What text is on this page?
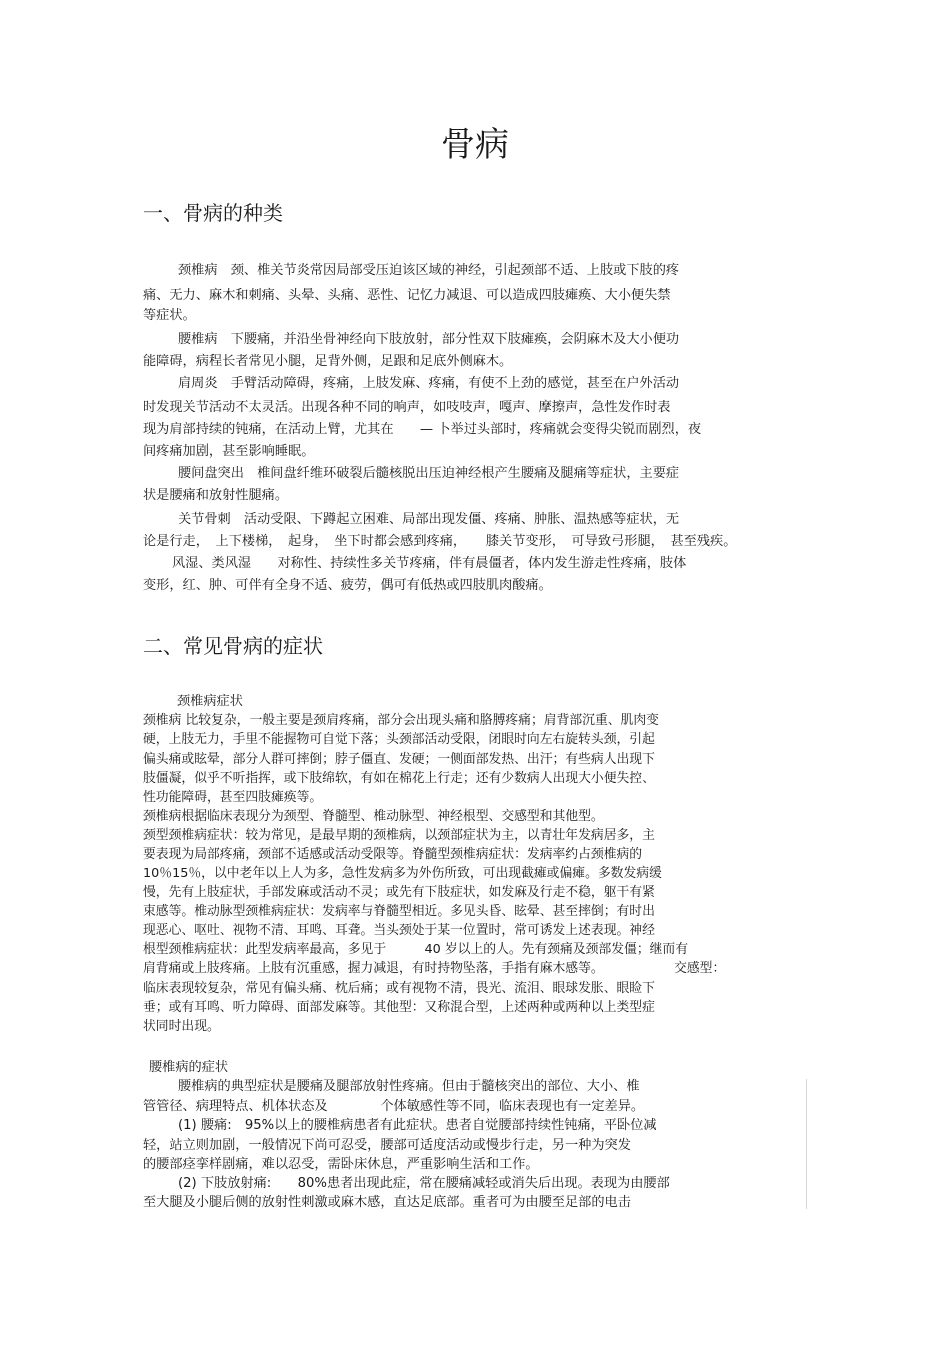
骨病
一、骨病的种类
颈椎病　颈、椎关节炎常因局部受压迫该区域的神经，引起颈部不适、上肢或下肢的疼
痛、无力、麻木和刺痛、头晕、头痛、恶性、记忆力减退、可以造成四肢瘫痪、大小便失禁
等症状。
腰椎病　下腰痛，并沿坐骨神经向下肢放射，部分性双下肢瘫痪，会阴麻木及大小便功
能障碍，病程长者常见小腿，足背外侧，足跟和足底外侧麻木。
肩周炎　手臂活动障碍，疼痛，上肢发麻、疼痛，有使不上劲的感觉，甚至在户外活动
时发现关节活动不太灵活。出现各种不同的响声，如吱吱声，嘎声、摩擦声，急性发作时表
现为肩部持续的钝痛，在活动上臂，尤其在　　— 卜举过头部时，疼痛就会变得尖锐而剧烈，夜
间疼痛加剧，甚至影响睡眠。
腰间盘突出　椎间盘纤维环破裂后髓核脱出压迫神经根产生腰痛及腿痛等症状，主要症
状是腰痛和放射性腿痛。
关节骨刺　活动受限、下蹲起立困难、局部出现发僵、疼痛、肿胀、温热感等症状，无
论是行走，　上下楼梯，　起身，　坐下时都会感到疼痛，　　膝关节变形，　可导致弓形腿，　甚至残疾。
风湿、类风湿　　对称性、持续性多关节疼痛，伴有晨僵者，体内发生游走性疼痛，肢体
变形，红、肿、可伴有全身不适、疲劳，偶可有低热或四肢肌肉酸痛。
二、常见骨病的症状
颈椎病症状
颈椎病 比较复杂，一般主要是颈肩疼痛，部分会出现头痛和胳膊疼痛；肩背部沉重、肌肉变
硬，上肢无力，手里不能握物可自觉下落；头颈部活动受限，闭眼时向左右旋转头颈，引起
偏头痛或眩晕，部分人群可摔倒；脖子僵直、发硬；一侧面部发热、出汗；有些病人出现下
肢僵凝，似乎不听指挥，或下肢绵软，有如在棉花上行走；还有少数病人出现大小便失控、
性功能障碍，甚至四肢瘫痪等。
颈椎病根据临床表现分为颈型、脊髓型、椎动脉型、神经根型、交感型和其他型。
颈型颈椎病症状：较为常见，是最早期的颈椎病，以颈部症状为主，以青壮年发病居多，主
要表现为局部疼痛，颈部不适感或活动受限等。脊髓型颈椎病症状：发病率约占颈椎病的
10％15％，以中老年以上人为多，急性发病多为外伤所致，可出现截瘫或偏瘫。多数发病缓
慢，先有上肢症状，手部发麻或活动不灵；或先有下肢症状，如发麻及行走不稳，躯干有紧
束感等。椎动脉型颈椎病症状：发病率与脊髓型相近。多见头昏、眩晕、甚至摔倒；有时出
现恶心、呕吐、视物不清、耳鸣、耳聋。当头颈处于某一位置时，常可诱发上述表现。神经
根型颈椎病症状：此型发病率最高，多见于　　　40 岁以上的人。先有颈痛及颈部发僵；继而有
肩背痛或上肢疼痛。上肢有沉重感，握力减退，有时持物坠落，手指有麻木感等。　　　　　　交感型：
临床表现较复杂，常见有偏头痛、枕后痛；或有视物不清，畏光、流泪、眼球发胀、眼睑下
垂；或有耳鸣、听力障碍、面部发麻等。其他型：又称混合型，上述两种或两种以上类型症
状同时出现。
腰椎病的症状
腰椎病的典型症状是腰痛及腿部放射性疼痛。但由于髓核突出的部位、大小、椎
管管径、病理特点、机体状态及　　　　个体敏感性等不同，临床表现也有一定差异。
(1) 腰痛:　95%以上的腰椎病患者有此症状。患者自觉腰部持续性钝痛，平卧位减
轻，站立则加剧，一般情况下尚可忍受，腰部可适度活动或慢步行走，另一种为突发
的腰部痉挛样剧痛，难以忍受，需卧床休息，严重影响生活和工作。
(2) 下肢放射痛:　　80%患者出现此症，常在腰痛减轻或消失后出现。表现为由腰部
至大腿及小腿后侧的放射性刺激或麻木感，直达足底部。重者可为由腰至足部的电击
